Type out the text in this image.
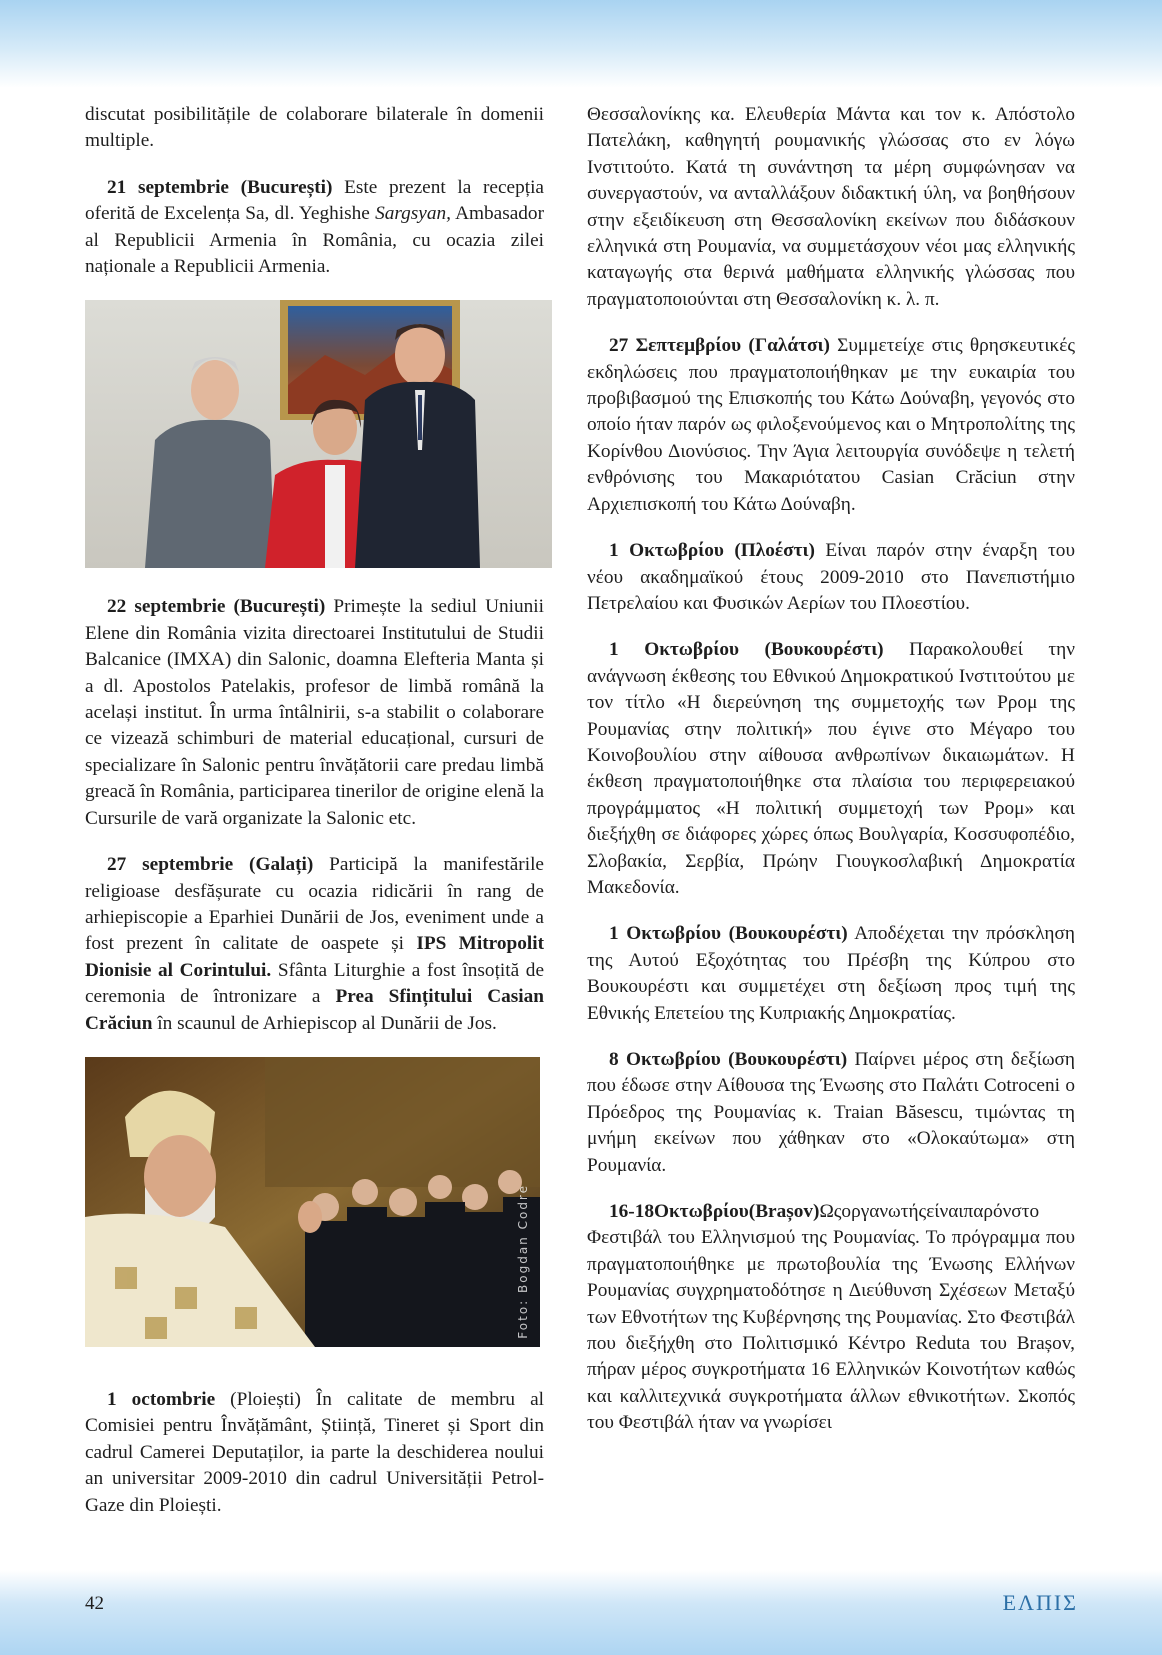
discutat posibilitățile de colaborare bilaterale în domenii multiple.

21 septembrie (București) Este prezent la recepția oferită de Excelența Sa, dl. Yeghishe Sargsyan, Ambasador al Republicii Armenia în România, cu ocazia zilei naționale a Republicii Armenia.

22 septembrie (București) Primește la sediul Uniunii Elene din România vizita directoarei Institutului de Studii Balcanice (IMXA) din Salonic, doamna Elefteria Manta și a dl. Apostolos Patelakis, profesor de limbă română la același institut. În urma întâlnirii, s-a stabilit o colaborare ce vizează schimburi de material educațional, cursuri de specializare în Salonic pentru învățătorii care predau limbă greacă în România, participarea tinerilor de origine elenă la Cursurile de vară organizate la Salonic etc.

27 septembrie (Galați) Participă la manifestările religioase desfășurate cu ocazia ridicării în rang de arhiepiscopie a Eparhiei Dunării de Jos, eveniment unde a fost prezent în calitate de oaspete și IPS Mitropolit Dionisie al Corintului. Sfânta Liturghie a fost însoțită de ceremonia de întronizare a Prea Sfințitului Casian Crăciun în scaunul de Arhiepiscop al Dunării de Jos.

Foto: Bogdan Codre

1 octombrie (Ploiești) În calitate de membru al Comisiei pentru Învățământ, Știință, Tineret și Sport din cadrul Camerei Deputaților, ia parte la deschiderea noului an universitar 2009-2010 din cadrul Universității Petrol-Gaze din Ploiești.

Θεσσαλονίκης κα. Ελευθερία Μάντα και τον κ. Απόστολο Πατελάκη, καθηγητή ρουμανικής γλώσσας στο εν λόγω Ινστιτούτο. Κατά τη συνάντηση τα μέρη συμφώνησαν να συνεργαστούν, να ανταλλάξουν διδακτική ύλη, να βοηθήσουν στην εξειδίκευση στη Θεσσαλονίκη εκείνων που διδάσκουν ελληνικά στη Ρουμανία, να συμμετάσχουν νέοι μας ελληνικής καταγωγής στα θερινά μαθήματα ελληνικής γλώσσας που πραγματοποιούνται στη Θεσσαλονίκη κ. λ. π.

27 Σεπτεμβρίου (Γαλάτσι) Συμμετείχε στις θρησκευτικές εκδηλώσεις που πραγματοποιήθηκαν με την ευκαιρία του προβιβασμού της Επισκοπής του Κάτω Δούναβη, γεγονός στο οποίο ήταν παρόν ως φιλοξενούμενος και ο Μητροπολίτης της Κορίνθου Διονύσιος. Την Άγια λειτουργία συνόδεψε η τελετή ενθρόνισης του Μακαριότατου Casian Crăciun στην Αρχιεπισκοπή του Κάτω Δούναβη.

1 Οκτωβρίου (Πλοέστι) Είναι παρόν στην έναρξη του νέου ακαδημαϊκού έτους 2009-2010 στο Πανεπιστήμιο Πετρελαίου και Φυσικών Αερίων του Πλοεστίου.

1 Οκτωβρίου (Βουκουρέστι) Παρακολουθεί την ανάγνωση έκθεσης του Εθνικού Δημοκρατικού Ινστιτούτου με τον τίτλο «Η διερεύνηση της συμμετοχής των Ρρομ της Ρουμανίας στην πολιτική» που έγινε στο Μέγαρο του Κοινοβουλίου στην αίθουσα ανθρωπίνων δικαιωμάτων. Η έκθεση πραγματοποιήθηκε στα πλαίσια του περιφερειακού προγράμματος «Η πολιτική συμμετοχή των Ρρομ» και διεξήχθη σε διάφορες χώρες όπως Βουλγαρία, Κοσσυφοπέδιο, Σλοβακία, Σερβία, Πρώην Γιουγκοσλαβική Δημοκρατία Μακεδονία.

1 Οκτωβρίου (Βουκουρέστι) Αποδέχεται την πρόσκληση της Αυτού Εξοχότητας του Πρέσβη της Κύπρου στο Βουκουρέστι και συμμετέχει στη δεξίωση προς τιμή της Εθνικής Επετείου της Κυπριακής Δημοκρατίας.

8 Οκτωβρίου (Βουκουρέστι) Παίρνει μέρος στη δεξίωση που έδωσε στην Αίθουσα της Ένωσης στο Παλάτι Cotroceni ο Πρόεδρος της Ρουμανίας κ. Traian Băsescu, τιμώντας τη μνήμη εκείνων που χάθηκαν στο «Ολοκαύτωμα» στη Ρουμανία.

16-18Οκτωβρίου(Brașov)Ωςοργανωτήςείναιπαρόνστο Φεστιβάλ του Ελληνισμού της Ρουμανίας. Το πρόγραμμα που πραγματοποιήθηκε με πρωτοβουλία της Ένωσης Ελλήνων Ρουμανίας συγχρηματοδότησε η Διεύθυνση Σχέσεων Μεταξύ των Εθνοτήτων της Κυβέρνησης της Ρουμανίας. Στο Φεστιβάλ που διεξήχθη στο Πολιτισμικό Κέντρο Reduta του Brașov, πήραν μέρος συγκροτήματα 16 Ελληνικών Κοινοτήτων καθώς και καλλιτεχνικά συγκροτήματα άλλων εθνικοτήτων. Σκοπός του Φεστιβάλ ήταν να γνωρίσει

42	ΕΛΠΙΣ
